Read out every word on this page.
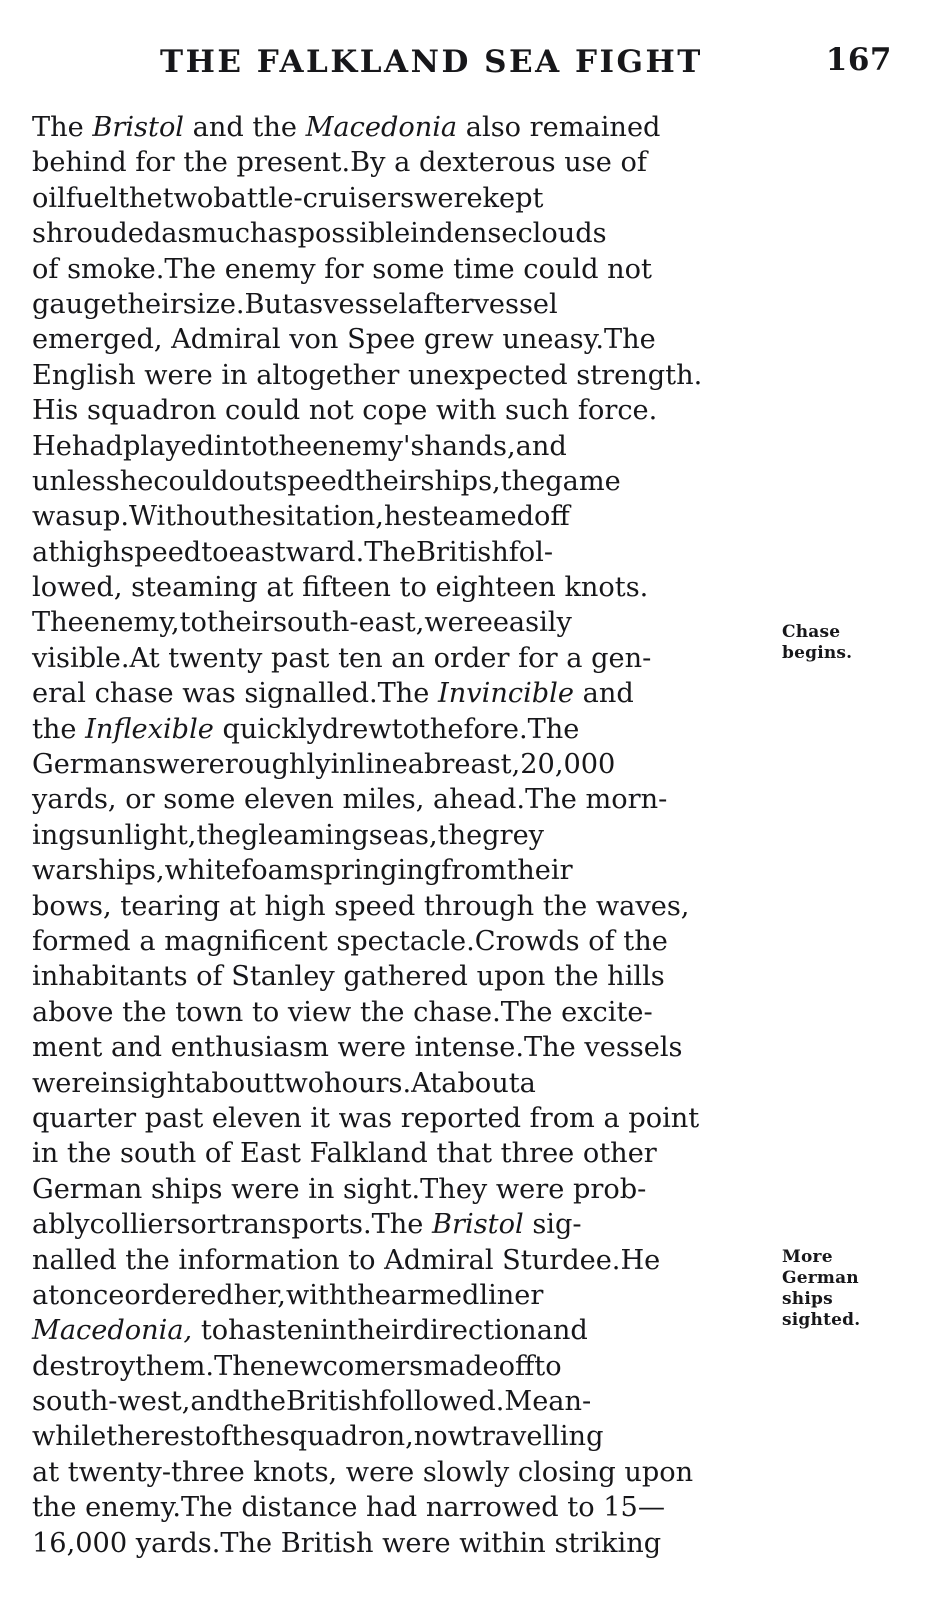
THE FALKLAND SEA FIGHT	167
The Bristol and the Macedonia also remained
behind for the present.By a dexterous use of
oilfuelthetwobattle-cruiserswerekept
shroudedasmuchaspossibleindenseclouds
of smoke.The enemy for some time could not
gaugetheirsize.Butasvesselaftervessel
emerged, Admiral von Spee grew uneasy.The
English were in altogether unexpected strength.
His squadron could not cope with such force.
Hehadplayedintotheenemy'shands,and
unlesshecouldoutspeedtheirships,thegame
wasup.Withouthesitation,hesteamedoff
athighspeedtoeastward.TheBritishfol-
lowed, steaming at fifteen to eighteen knots.
Theenemy,totheirsouth-east,wereeasily
visible.At twenty past ten an order for a gen-
eral chase was signalled.The Invincible and
the Inflexible quicklydrewtothefore.The
Germanswereroughlyinlineabreast,20,000
yards, or some eleven miles, ahead.The morn-
ingsunlight,thegleamingseas,thegrey
warships,whitefoamspringingfromtheir
bows, tearing at high speed through the waves,
formed a magnificent spectacle.Crowds of the
inhabitants of Stanley gathered upon the hills
above the town to view the chase.The excite-
ment and enthusiasm were intense.The vessels
wereinsightabouttwohours.Atabouta
quarter past eleven it was reported from a point
in the south of East Falkland that three other
German ships were in sight.They were prob-
ablycolliersortransports.The Bristol sig-
nalled the information to Admiral Sturdee.He
atonceorderedher,withthearmedliner
Macedonia, tohastenintheirdirectionand
destroythem.Thenewcomersmadeoffto
south-west,andtheBritishfollowed.Mean-
whiletherestofthesquadron,nowtravelling
at twenty-three knots, were slowly closing upon
the enemy.The distance had narrowed to 15—
16,000 yards.The British were within striking
Chase
begins.
More
German
ships
sighted.
